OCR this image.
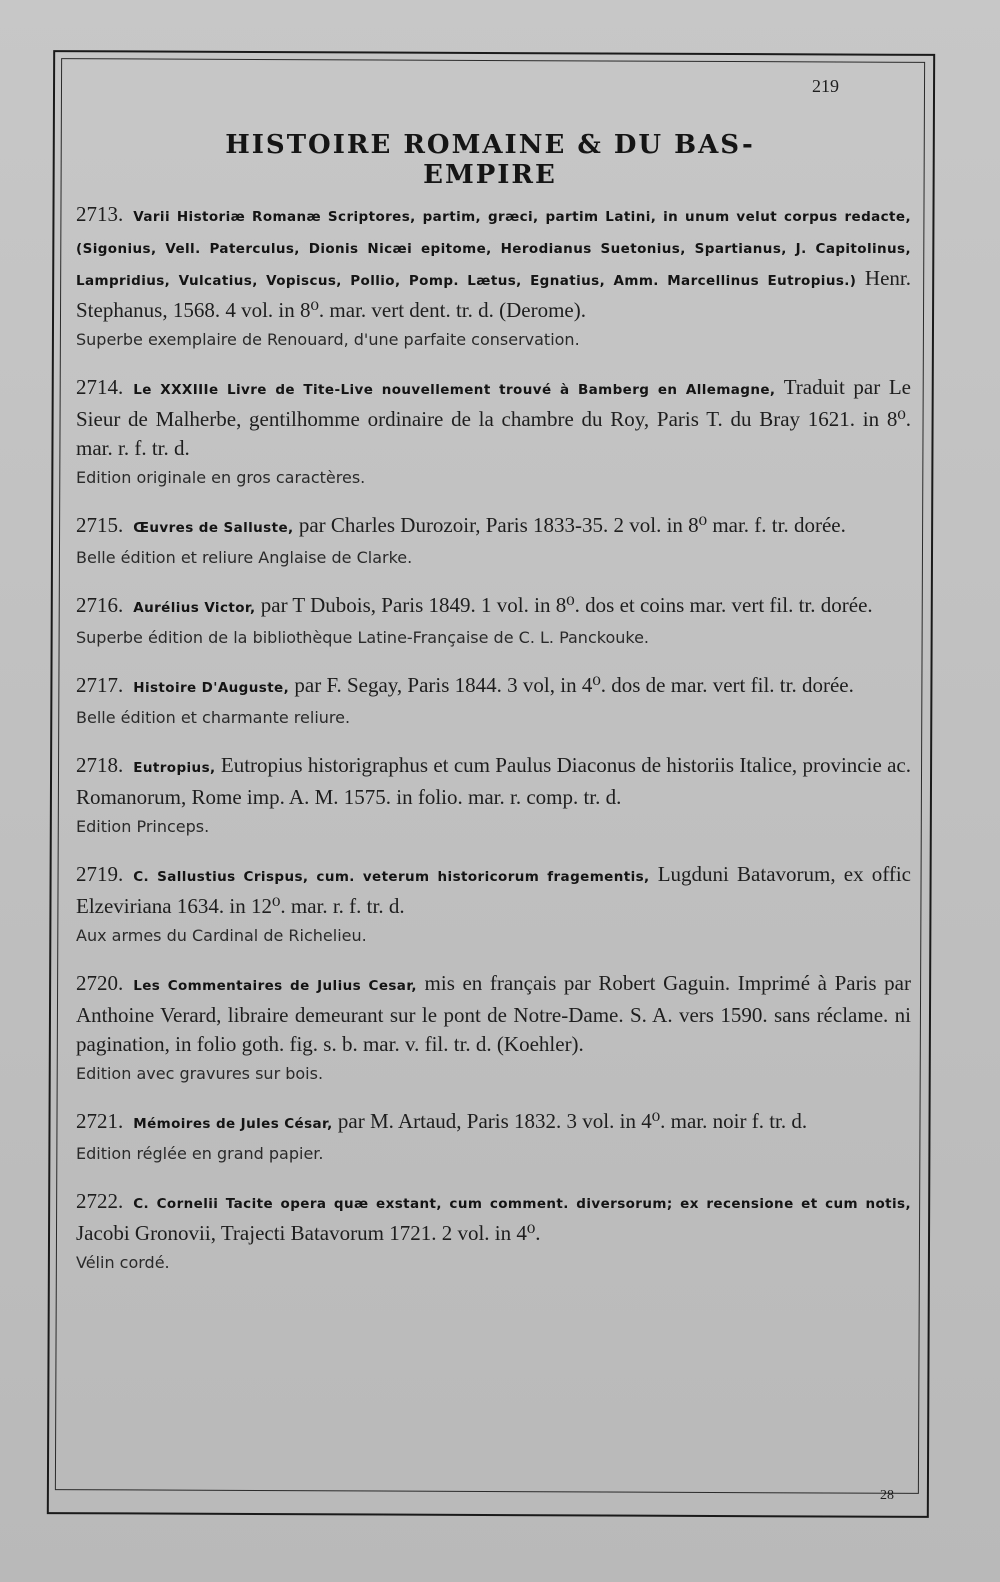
219
HISTOIRE ROMAINE & DU BAS-EMPIRE
2713. Varii Historiæ Romanæ Scriptores, partim, græci, partim Latini, in unum velut corpus redacte, (Sigonius, Vell. Paterculus, Dionis Nicæi epitome, Herodianus Suetonius, Spartianus, J. Capitolinus, Lampridius, Vulcatius, Vopiscus, Pollio, Pomp. Lætus, Egnatius, Amm. Marcellinus Eutropius.) Henr. Stephanus, 1568. 4 vol. in 8⁰. mar. vert dent. tr. d. (Derome).
Superbe exemplaire de Renouard, d'une parfaite conservation.
2714. Le XXXIIIe Livre de Tite-Live nouvellement trouvé à Bamberg en Allemagne, Traduit par Le Sieur de Malherbe, gentilhomme ordinaire de la chambre du Roy, Paris T. du Bray 1621. in 8⁰. mar. r. f. tr. d.
Edition originale en gros caractères.
2715. Œuvres de Salluste, par Charles Durozoir, Paris 1833-35. 2 vol. in 8⁰ mar. f. tr. dorée.
Belle édition et reliure Anglaise de Clarke.
2716. Aurélius Victor, par T Dubois, Paris 1849. 1 vol. in 8⁰. dos et coins mar. vert fil. tr. dorée.
Superbe édition de la bibliothèque Latine-Française de C. L. Panckouke.
2717. Histoire D'Auguste, par F. Segay, Paris 1844. 3 vol, in 4⁰. dos de mar. vert fil. tr. dorée.
Belle édition et charmante reliure.
2718. Eutropius, Eutropius historigraphus et cum Paulus Diaconus de historiis Italice, provincie ac. Romanorum, Rome imp. A. M. 1575. in folio. mar. r. comp. tr. d.
Edition Princeps.
2719. C. Sallustius Crispus, cum. veterum historicorum fragementis, Lugduni Batavorum, ex offic Elzeviriana 1634. in 12⁰. mar. r. f. tr. d.
Aux armes du Cardinal de Richelieu.
2720. Les Commentaires de Julius Cesar, mis en français par Robert Gaguin. Imprimé à Paris par Anthoine Verard, libraire demeurant sur le pont de Notre-Dame. S. A. vers 1590. sans réclame. ni pagination, in folio goth. fig. s. b. mar. v. fil. tr. d. (Koehler).
Edition avec gravures sur bois.
2721. Mémoires de Jules César, par M. Artaud, Paris 1832. 3 vol. in 4⁰. mar. noir f. tr. d.
Edition réglée en grand papier.
2722. C. Cornelii Tacite opera quæ exstant, cum comment. diversorum; ex recensione et cum notis, Jacobi Gronovii, Trajecti Batavorum 1721. 2 vol. in 4⁰.
Vélin cordé.
28
